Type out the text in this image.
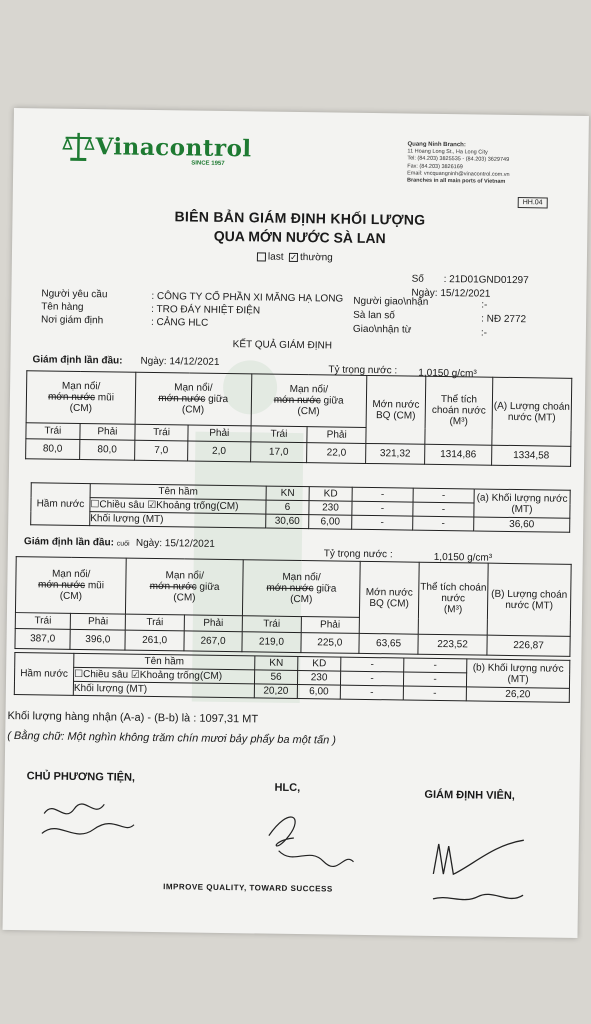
Vinacontrol
SINCE 1957
Quang Ninh Branch:
11 Hoang Long St., Ha Long City
Tel: (84.203) 3825535 - (84.203) 3629749
Fax: (84.203) 3826169
Email: vncquangninh@vinacontrol.com.vn
Branches in all main ports of Vietnam
HH.04
BIÊN BẢN GIÁM ĐỊNH KHỐI LƯỢNG
QUA MỚN NƯỚC SÀ LAN
last ✓ thường
Số : 21D01GND01297
Ngày: 15/12/2021
Người yêu cầu	: CÔNG TY CỔ PHẦN XI MĂNG HẠ LONG
Tên hàng	: TRO ĐÁY NHIỆT ĐIỆN
Nơi giám định	: CẢNG HLC
Người giao\nhận	:-
Sà lan số	: NĐ 2772
Giao\nhận từ	:-
KẾT QUẢ GIÁM ĐỊNH
Giám định lần đầu: Ngày: 14/12/2021
Tỷ trọng nước : 1,0150 g/cm³
Mạn nổi/
mớn nước mũi
(CM)		Mạn nổi/
mớn nước giữa
(CM)		Mạn nổi/
mớn nước giữa
(CM)		Mớn nước BQ (CM)	Thể tích choán nước
(M³)	(A) Lượng choán nước (MT)
Trái	Phải	Trái	Phải	Trái	Phải			
80,0	80,0	7,0	2,0	17,0	22,0	321,32	1314,86	1334,58
Hầm nước	Tên hầm	KN	KD	-	-	(a) Khối lượng nước (MT)
	☐Chiều sâu ☑Khoảng trống(CM)	6	230	-	-	
	Khối lượng (MT)	30,60	6,00	-	-	36,60
Giám định lần đầu: cuối Ngày: 15/12/2021
Tỷ trọng nước :	1,0150 g/cm³
Mạn nổi/
mớn nước mũi
(CM)		Mạn nổi/
mớn nước giữa
(CM)		Mạn nổi/
mớn nước giữa
(CM)		Mớn nước BQ (CM)	Thể tích choán nước
(M³)	(B) Lượng choán nước (MT)
Trái	Phải	Trái	Phải	Trái	Phải			
387,0	396,0	261,0	267,0	219,0	225,0	63,65	223,52	226,87
Hầm nước	Tên hầm	KN	KD	-	-	(b) Khối lượng nước (MT)
	☐Chiều sâu ☑Khoảng trống(CM)	56	230	-	-	
	Khối lượng (MT)	20,20	6,00	-	-	26,20
Khối lượng hàng nhận (A-a) - (B-b) là : 1097,31 MT
( Bằng chữ: Một nghìn không trăm chín mươi bảy phẩy ba một tấn )
CHỦ PHƯƠNG TIỆN,
HLC,
GIÁM ĐỊNH VIÊN,
IMPROVE QUALITY, TOWARD SUCCESS
